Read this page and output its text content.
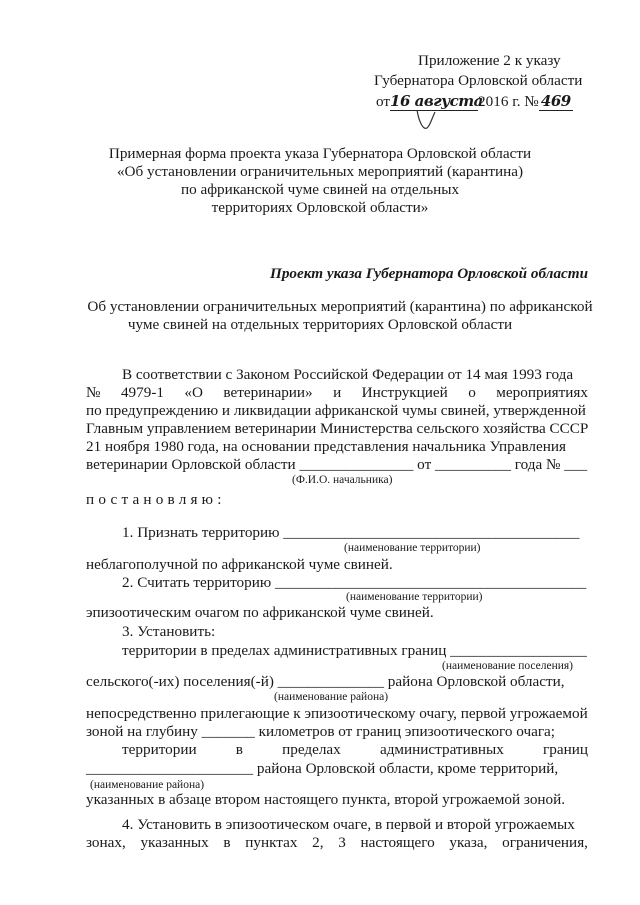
Приложение 2 к указу
Губернатора Орловской области
от16 августа2016 г. № 469
Примерная форма проекта указа Губернатора Орловской области
«Об установлении ограничительных мероприятий (карантина)
по африканской чуме свиней на отдельных
территориях Орловской области»
Проект указа Губернатора Орловской области
Об установлении ограничительных мероприятий (карантина) по африканской
чуме свиней на отдельных территориях Орловской области
В соответствии с Законом Российской Федерации от 14 мая 1993 года
№ 4979-1 «О ветеринарии» и Инструкцией о мероприятиях
по предупреждению и ликвидации африканской чумы свиней, утвержденной
Главным управлением ветеринарии Министерства сельского хозяйства СССР
21 ноября 1980 года, на основании представления начальника Управления
ветеринарии Орловской области _______________ от __________ года № ___
(Ф.И.О. начальника)
постановляю:
1. Признать территорию _______________________________________
(наименование территории)
неблагополучной по африканской чуме свиней.
2. Считать территорию _________________________________________
(наименование территории)
эпизоотическим очагом по африканской чуме свиней.
3. Установить:
территории в пределах административных границ __________________
(наименование поселения)
сельского(-их) поселения(-й) ______________ района Орловской области,
(наименование района)
непосредственно прилегающие к эпизоотическому очагу, первой угрожаемой
зоной на глубину _______ километров от границ эпизоотического очага;
территории	в	пределах	административных	границ
______________________ района Орловской области, кроме территорий,
(наименование района)
указанных в абзаце втором настоящего пункта, второй угрожаемой зоной.
4. Установить в эпизоотическом очаге, в первой и второй угрожаемых
зонах, указанных в пунктах 2, 3 настоящего указа, ограничения,
